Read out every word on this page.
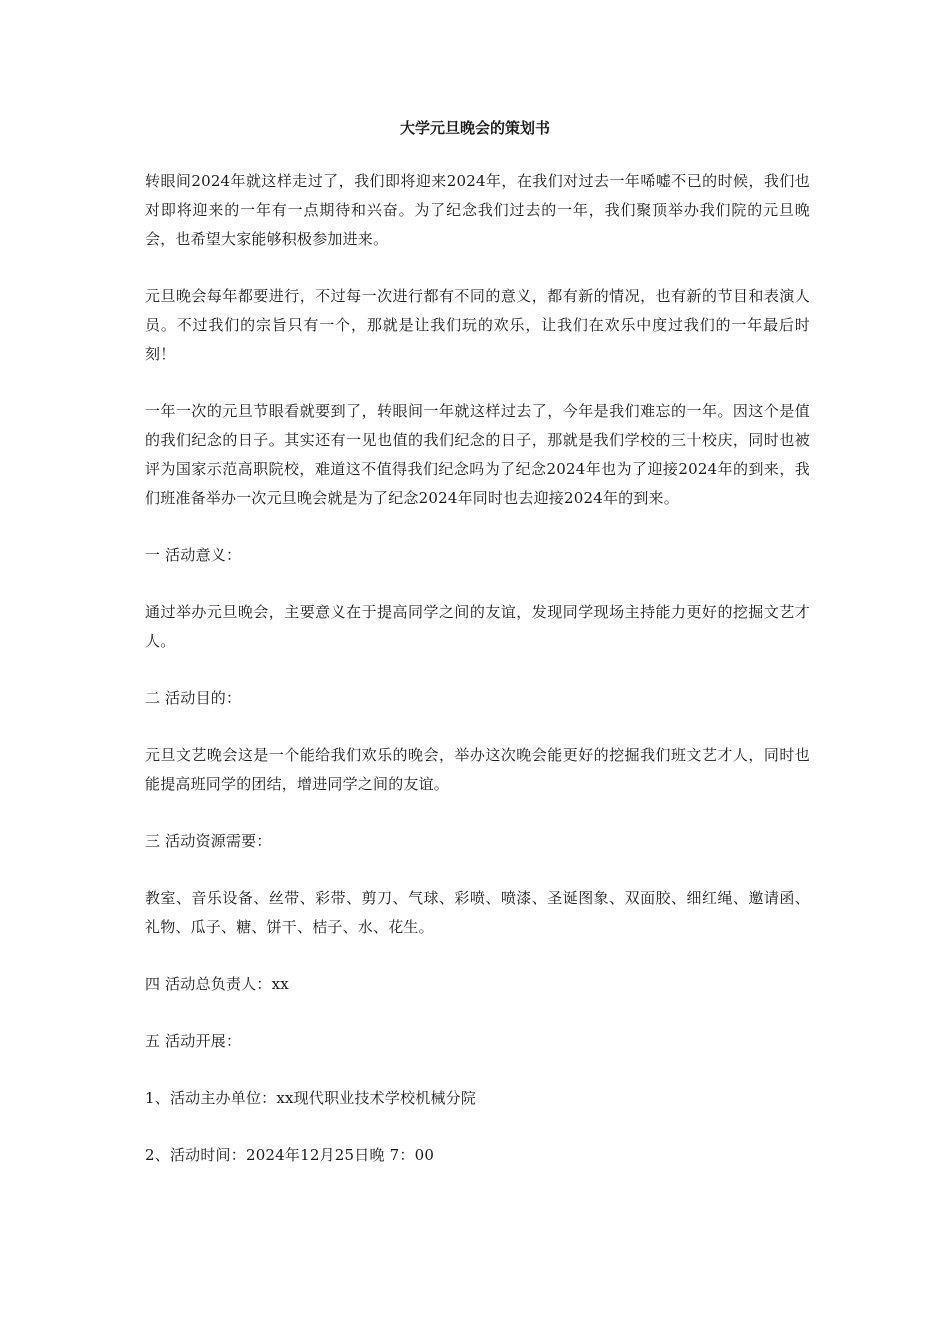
大学元旦晚会的策划书

转眼间2024年就这样走过了，我们即将迎来2024年，在我们对过去一年唏嘘不已的时候，我们也对即将迎来的一年有一点期待和兴奋。为了纪念我们过去的一年，我们聚顶举办我们院的元旦晚会，也希望大家能够积极参加进来。

元旦晚会每年都要进行，不过每一次进行都有不同的意义，都有新的情况，也有新的节目和表演人员。不过我们的宗旨只有一个，那就是让我们玩的欢乐，让我们在欢乐中度过我们的一年最后时刻！

一年一次的元旦节眼看就要到了，转眼间一年就这样过去了，今年是我们难忘的一年。因这个是值的我们纪念的日子。其实还有一见也值的我们纪念的日子，那就是我们学校的三十校庆，同时也被评为国家示范高职院校，难道这不值得我们纪念吗为了纪念2024年也为了迎接2024年的到来，我们班准备举办一次元旦晚会就是为了纪念2024年同时也去迎接2024年的到来。

一 活动意义：

通过举办元旦晚会，主要意义在于提高同学之间的友谊，发现同学现场主持能力更好的挖掘文艺才人。

二 活动目的：

元旦文艺晚会这是一个能给我们欢乐的晚会，举办这次晚会能更好的挖掘我们班文艺才人，同时也能提高班同学的团结，增进同学之间的友谊。

三 活动资源需要：

教室、音乐设备、丝带、彩带、剪刀、气球、彩喷、喷漆、圣诞图象、双面胶、细红绳、邀请函、礼物、瓜子、糖、饼干、桔子、水、花生。

四 活动总负责人：xx

五 活动开展：

1、活动主办单位：xx现代职业技术学校机械分院

2、活动时间：2024年12月25日晚 7：00
